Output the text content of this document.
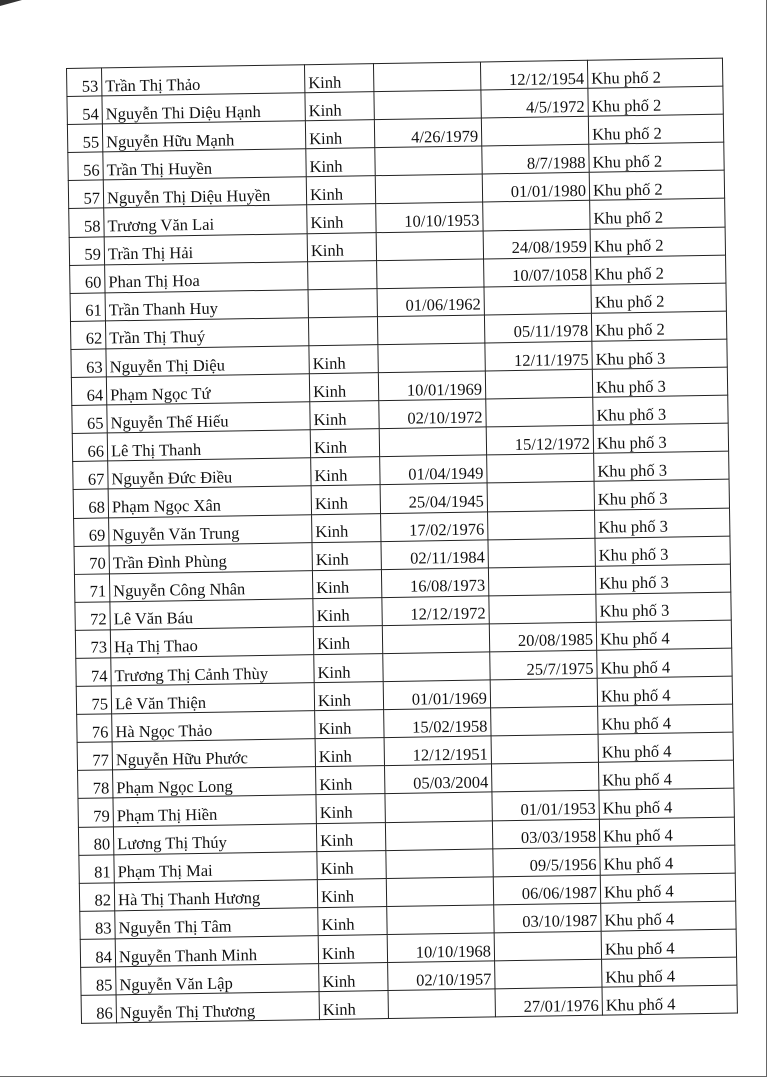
53	Trần Thị Thảo	Kinh		12/12/1954	Khu phố 2
54	Nguyễn Thi Diệu Hạnh	Kinh		4/5/1972	Khu phố 2
55	Nguyễn Hữu Mạnh	Kinh	4/26/1979		Khu phố 2
56	Trần Thị Huyền	Kinh		8/7/1988	Khu phố 2
57	Nguyễn Thị Diệu Huyền	Kinh		01/01/1980	Khu phố 2
58	Trương Văn Lai	Kinh	10/10/1953		Khu phố 2
59	Trần Thị Hải	Kinh		24/08/1959	Khu phố 2
60	Phan Thị Hoa			10/07/1058	Khu phố 2
61	Trần Thanh Huy		01/06/1962		Khu phố 2
62	Trần Thị Thuý			05/11/1978	Khu phố 2
63	Nguyễn Thị Diệu	Kinh		12/11/1975	Khu phố 3
64	Phạm Ngọc Tứ	Kinh	10/01/1969		Khu phố 3
65	Nguyễn Thế Hiếu	Kinh	02/10/1972		Khu phố 3
66	Lê Thị Thanh	Kinh		15/12/1972	Khu phố 3
67	Nguyễn Đức Điều	Kinh	01/04/1949		Khu phố 3
68	Phạm Ngọc Xân	Kinh	25/04/1945		Khu phố 3
69	Nguyễn Văn Trung	Kinh	17/02/1976		Khu phố 3
70	Trần Đình Phùng	Kinh	02/11/1984		Khu phố 3
71	Nguyễn Công Nhân	Kinh	16/08/1973		Khu phố 3
72	Lê Văn Báu	Kinh	12/12/1972		Khu phố 3
73	Hạ Thị Thao	Kinh		20/08/1985	Khu phố 4
74	Trương Thị Cảnh Thùy	Kinh		25/7/1975	Khu phố 4
75	Lê Văn Thiện	Kinh	01/01/1969		Khu phố 4
76	Hà Ngọc Thảo	Kinh	15/02/1958		Khu phố 4
77	Nguyễn Hữu Phước	Kinh	12/12/1951		Khu phố 4
78	Phạm Ngọc Long	Kinh	05/03/2004		Khu phố 4
79	Phạm Thị Hiền	Kinh		01/01/1953	Khu phố 4
80	Lương Thị Thúy	Kinh		03/03/1958	Khu phố 4
81	Phạm Thị Mai	Kinh		09/5/1956	Khu phố 4
82	Hà Thị Thanh Hương	Kinh		06/06/1987	Khu phố 4
83	Nguyễn Thị Tâm	Kinh		03/10/1987	Khu phố 4
84	Nguyễn Thanh Minh	Kinh	10/10/1968		Khu phố 4
85	Nguyễn Văn Lập	Kinh	02/10/1957		Khu phố 4
86	Nguyễn Thị Thương	Kinh		27/01/1976	Khu phố 4
